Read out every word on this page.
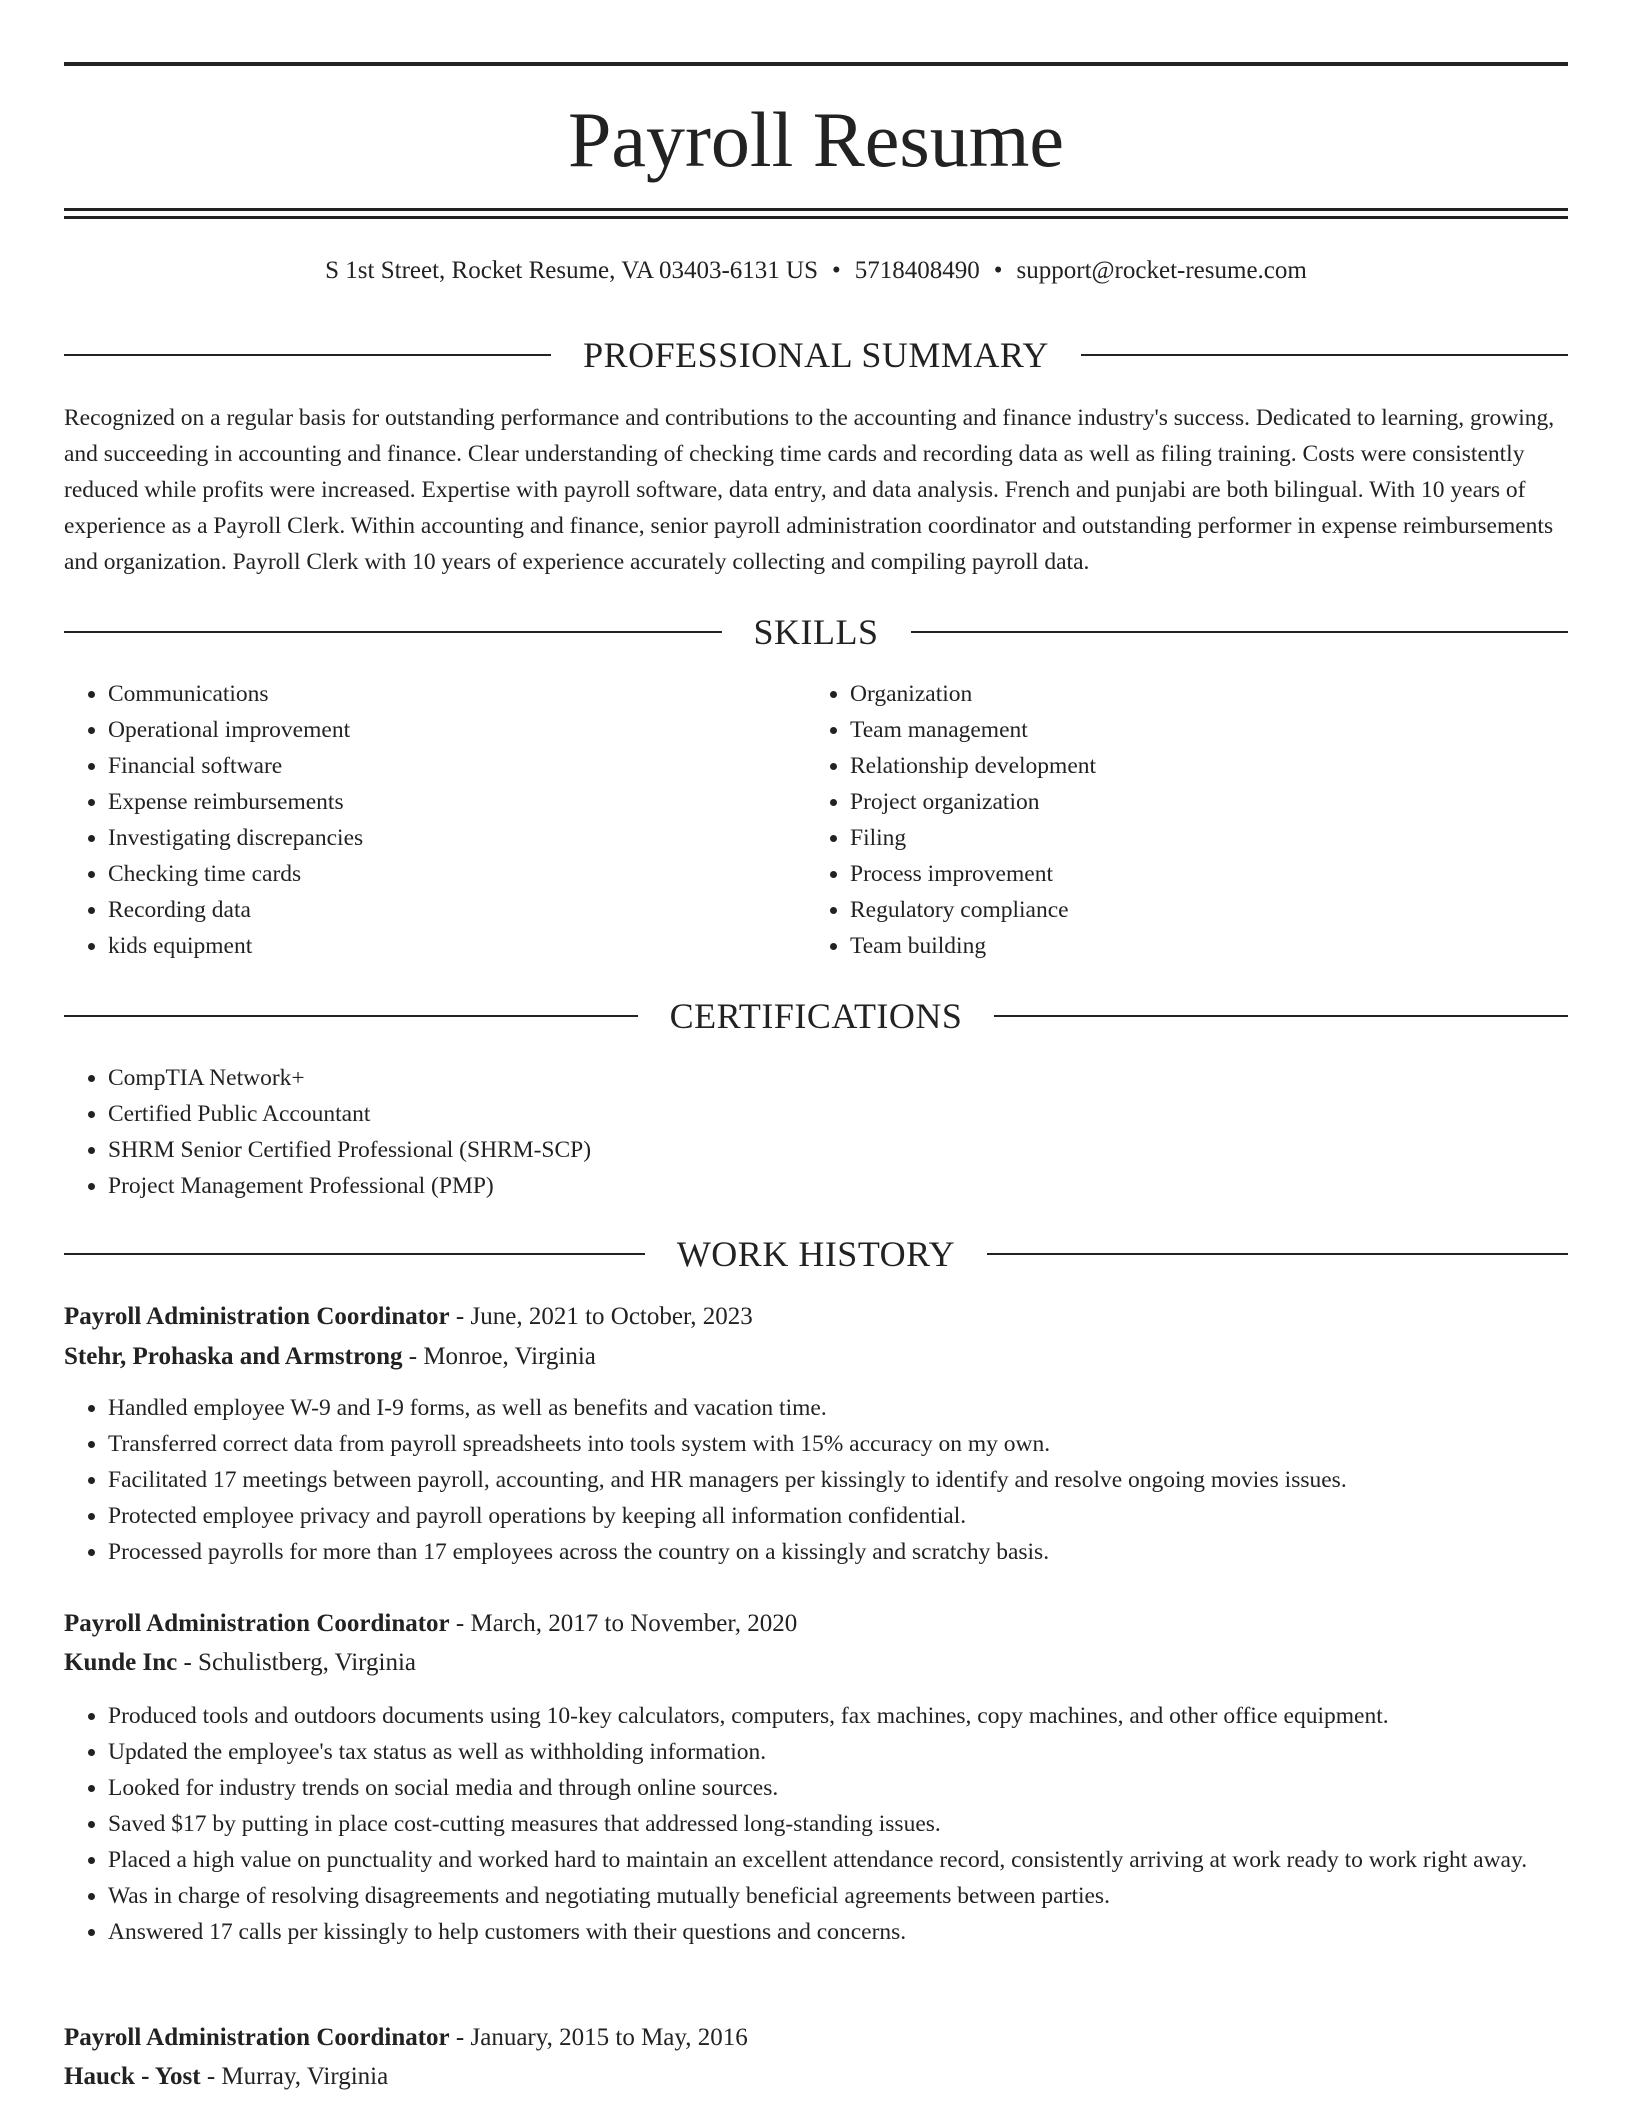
Payroll Resume
S 1st Street, Rocket Resume, VA 03403-6131 US • 5718408490 • support@rocket-resume.com
PROFESSIONAL SUMMARY
Recognized on a regular basis for outstanding performance and contributions to the accounting and finance industry's success. Dedicated to learning, growing, and succeeding in accounting and finance. Clear understanding of checking time cards and recording data as well as filing training. Costs were consistently reduced while profits were increased. Expertise with payroll software, data entry, and data analysis. French and punjabi are both bilingual. With 10 years of experience as a Payroll Clerk. Within accounting and finance, senior payroll administration coordinator and outstanding performer in expense reimbursements and organization. Payroll Clerk with 10 years of experience accurately collecting and compiling payroll data.
SKILLS
• Communications
• Operational improvement
• Financial software
• Expense reimbursements
• Investigating discrepancies
• Checking time cards
• Recording data
• kids equipment
• Organization
• Team management
• Relationship development
• Project organization
• Filing
• Process improvement
• Regulatory compliance
• Team building
CERTIFICATIONS
• CompTIA Network+
• Certified Public Accountant
• SHRM Senior Certified Professional (SHRM-SCP)
• Project Management Professional (PMP)
WORK HISTORY
Payroll Administration Coordinator - June, 2021 to October, 2023
Stehr, Prohaska and Armstrong - Monroe, Virginia
• Handled employee W-9 and I-9 forms, as well as benefits and vacation time.
• Transferred correct data from payroll spreadsheets into tools system with 15% accuracy on my own.
• Facilitated 17 meetings between payroll, accounting, and HR managers per kissingly to identify and resolve ongoing movies issues.
• Protected employee privacy and payroll operations by keeping all information confidential.
• Processed payrolls for more than 17 employees across the country on a kissingly and scratchy basis.
Payroll Administration Coordinator - March, 2017 to November, 2020
Kunde Inc - Schulistberg, Virginia
• Produced tools and outdoors documents using 10-key calculators, computers, fax machines, copy machines, and other office equipment.
• Updated the employee's tax status as well as withholding information.
• Looked for industry trends on social media and through online sources.
• Saved $17 by putting in place cost-cutting measures that addressed long-standing issues.
• Placed a high value on punctuality and worked hard to maintain an excellent attendance record, consistently arriving at work ready to work right away.
• Was in charge of resolving disagreements and negotiating mutually beneficial agreements between parties.
• Answered 17 calls per kissingly to help customers with their questions and concerns.
Payroll Administration Coordinator - January, 2015 to May, 2016
Hauck - Yost - Murray, Virginia
